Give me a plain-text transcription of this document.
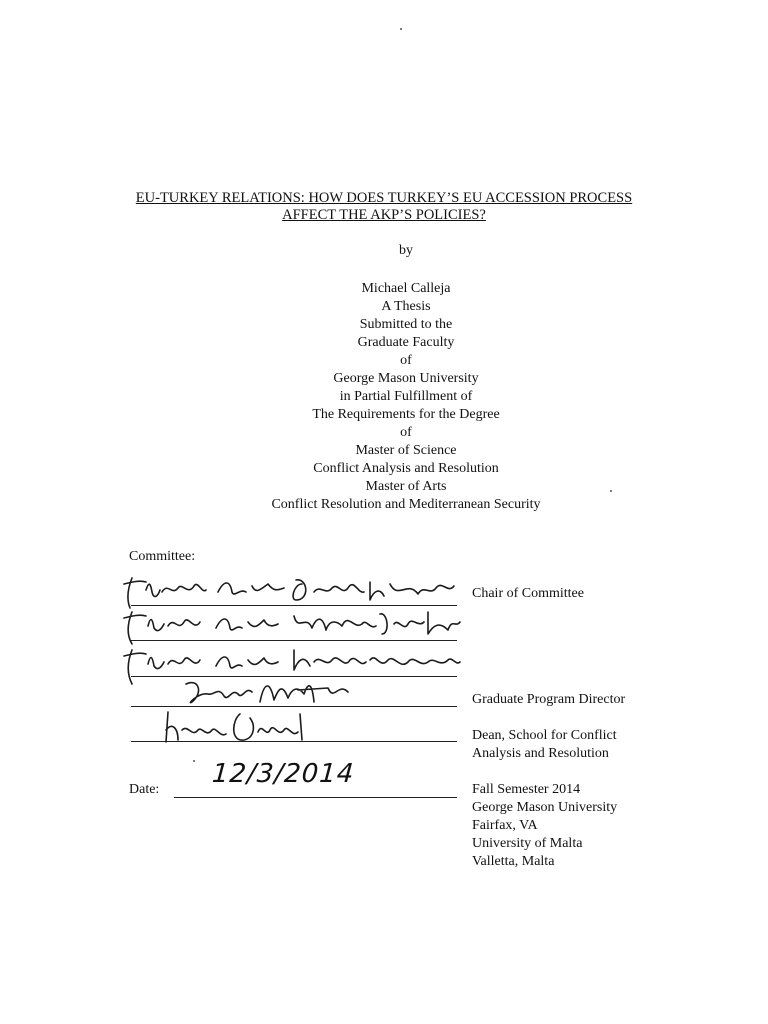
EU-TURKEY RELATIONS: HOW DOES TURKEY’S EU ACCESSION PROCESS
AFFECT THE AKP’S POLICIES?
by
Michael Calleja
A Thesis
Submitted to the
Graduate Faculty
of
George Mason University
in Partial Fulfillment of
The Requirements for the Degree
of
Master of Science
Conflict Analysis and Resolution
Master of Arts
Conflict Resolution and Mediterranean Security
Committee:
Jli Duad for Derek Catterbeck
Chair of Committee
Jli Duad for Monika Wohlfeld
Jli Duad for Karyna Kerrazelivic
Graduate Program Director
Dean, School for Conflict
Analysis and Resolution
Date:
12/3/2014
Fall Semester 2014
George Mason University
Fairfax, VA
University of Malta
Valletta, Malta
